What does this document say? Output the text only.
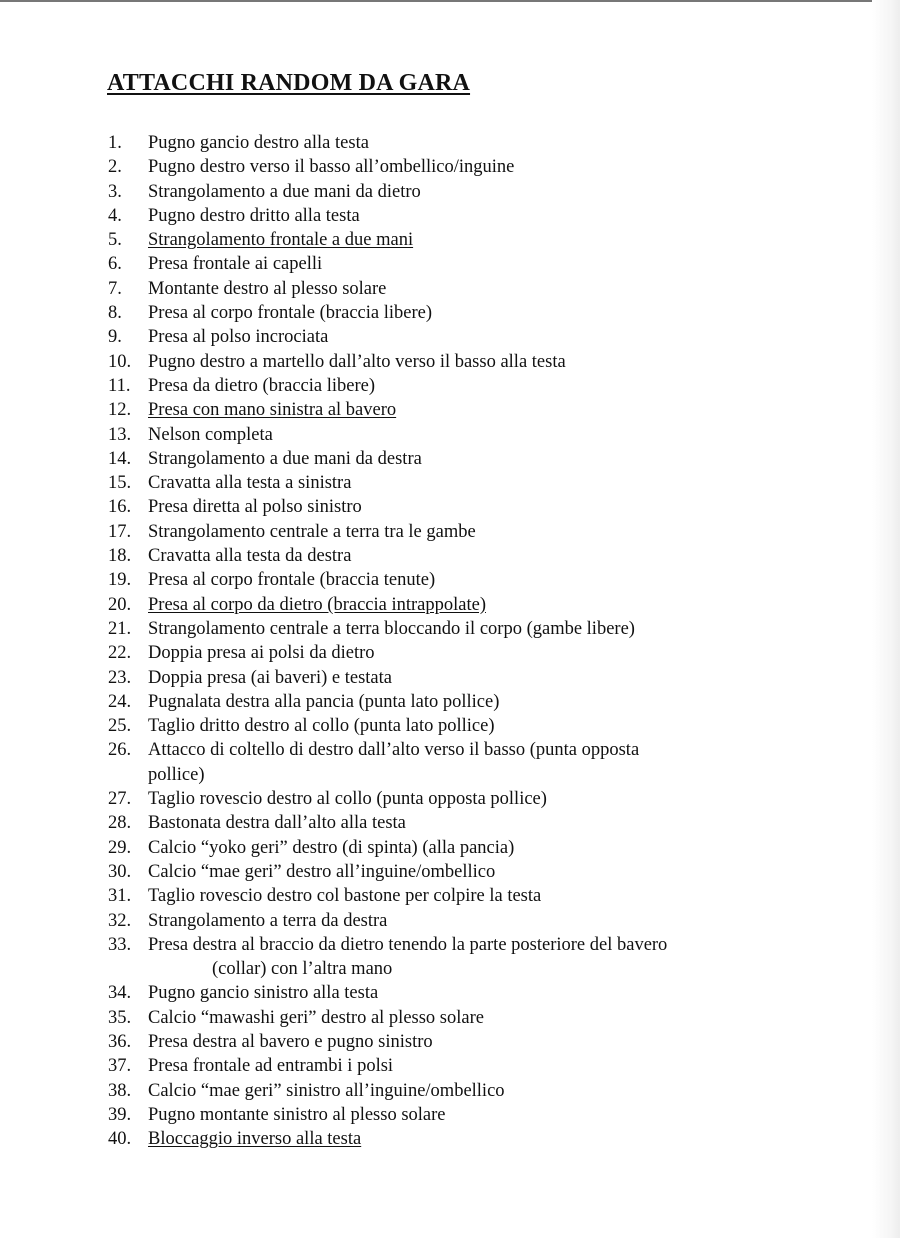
ATTACCHI RANDOM DA GARA
1. Pugno gancio destro alla testa
2. Pugno destro verso il basso all’ombellico/inguine
3. Strangolamento a due mani da dietro
4. Pugno destro dritto alla testa
5. Strangolamento frontale a due mani
6. Presa frontale ai capelli
7. Montante destro al plesso solare
8. Presa al corpo frontale (braccia libere)
9. Presa al polso incrociata
10. Pugno destro a martello dall’alto verso il basso alla testa
11. Presa da dietro (braccia libere)
12. Presa con mano sinistra al bavero
13. Nelson completa
14. Strangolamento a due mani da destra
15. Cravatta alla testa a sinistra
16. Presa diretta al polso sinistro
17. Strangolamento centrale a terra tra le gambe
18. Cravatta alla testa da destra
19. Presa al corpo frontale (braccia tenute)
20. Presa al corpo da dietro (braccia intrappolate)
21. Strangolamento centrale a terra bloccando il corpo (gambe libere)
22. Doppia presa ai polsi da dietro
23. Doppia presa (ai baveri) e testata
24. Pugnalata destra alla pancia (punta lato pollice)
25. Taglio dritto destro al collo (punta lato pollice)
26. Attacco di coltello di destro dall’alto verso il basso (punta opposta
pollice)
27. Taglio rovescio destro al collo (punta opposta pollice)
28. Bastonata destra dall’alto alla testa
29. Calcio “yoko geri” destro (di spinta) (alla pancia)
30. Calcio “mae geri” destro all’inguine/ombellico
31. Taglio rovescio destro col bastone per colpire la testa
32. Strangolamento a terra da destra
33. Presa destra al braccio da dietro tenendo la parte posteriore del bavero
(collar) con l’altra mano
34. Pugno gancio sinistro alla testa
35. Calcio “mawashi geri” destro al plesso solare
36. Presa destra al bavero e pugno sinistro
37. Presa frontale ad entrambi i polsi
38. Calcio “mae geri” sinistro all’inguine/ombellico
39. Pugno montante sinistro al plesso solare
40. Bloccaggio inverso alla testa
